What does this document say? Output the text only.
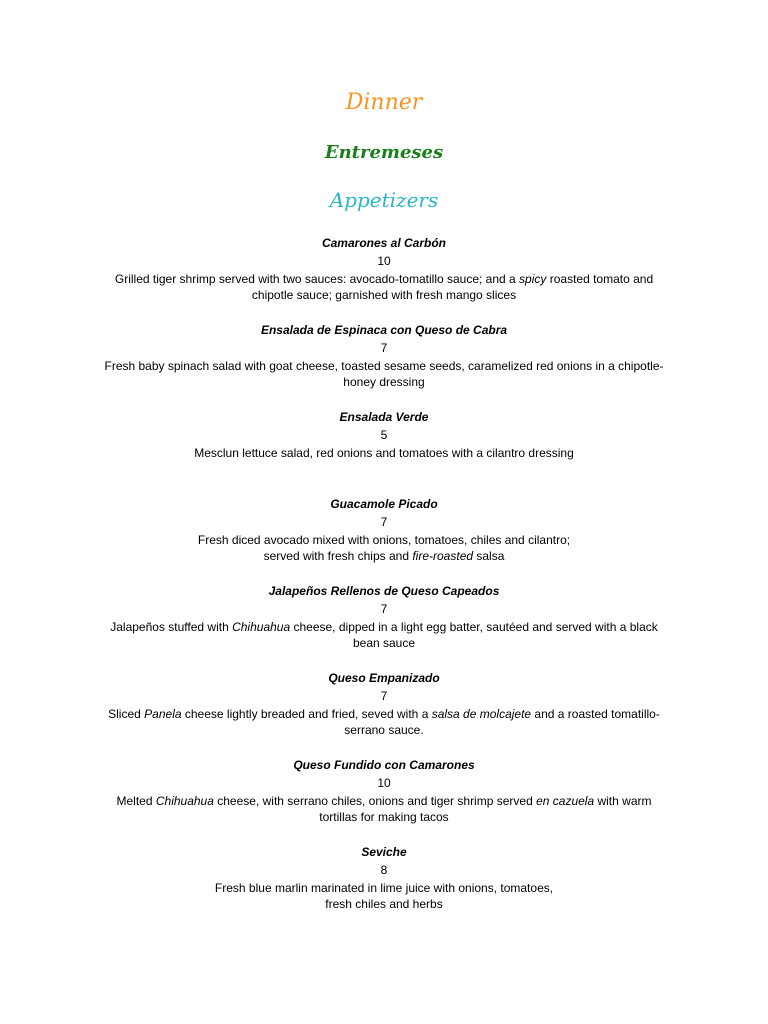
Dinner
Entremeses
Appetizers
Camarones al Carbón
10
Grilled tiger shrimp served with two sauces: avocado-tomatillo sauce; and a spicy roasted tomato and chipotle sauce; garnished with fresh mango slices
Ensalada de Espinaca con Queso de Cabra
7
Fresh baby spinach salad with goat cheese, toasted sesame seeds, caramelized red onions in a chipotle-honey dressing
Ensalada Verde
5
Mesclun lettuce salad, red onions and tomatoes with a cilantro dressing
Guacamole Picado
7
Fresh diced avocado mixed with onions, tomatoes, chiles and cilantro;
served with fresh chips and fire-roasted salsa
Jalapeños Rellenos de Queso Capeados
7
Jalapeños stuffed with Chihuahua cheese, dipped in a light egg batter, sautéed and served with a black bean sauce
Queso Empanizado
7
Sliced Panela cheese lightly breaded and fried, seved with a salsa de molcajete and a roasted tomatillo-serrano sauce.
Queso Fundido con Camarones
10
Melted Chihuahua cheese, with serrano chiles, onions and tiger shrimp served en cazuela with warm tortillas for making tacos
Seviche
8
Fresh blue marlin marinated in lime juice with onions, tomatoes,
fresh chiles and herbs
